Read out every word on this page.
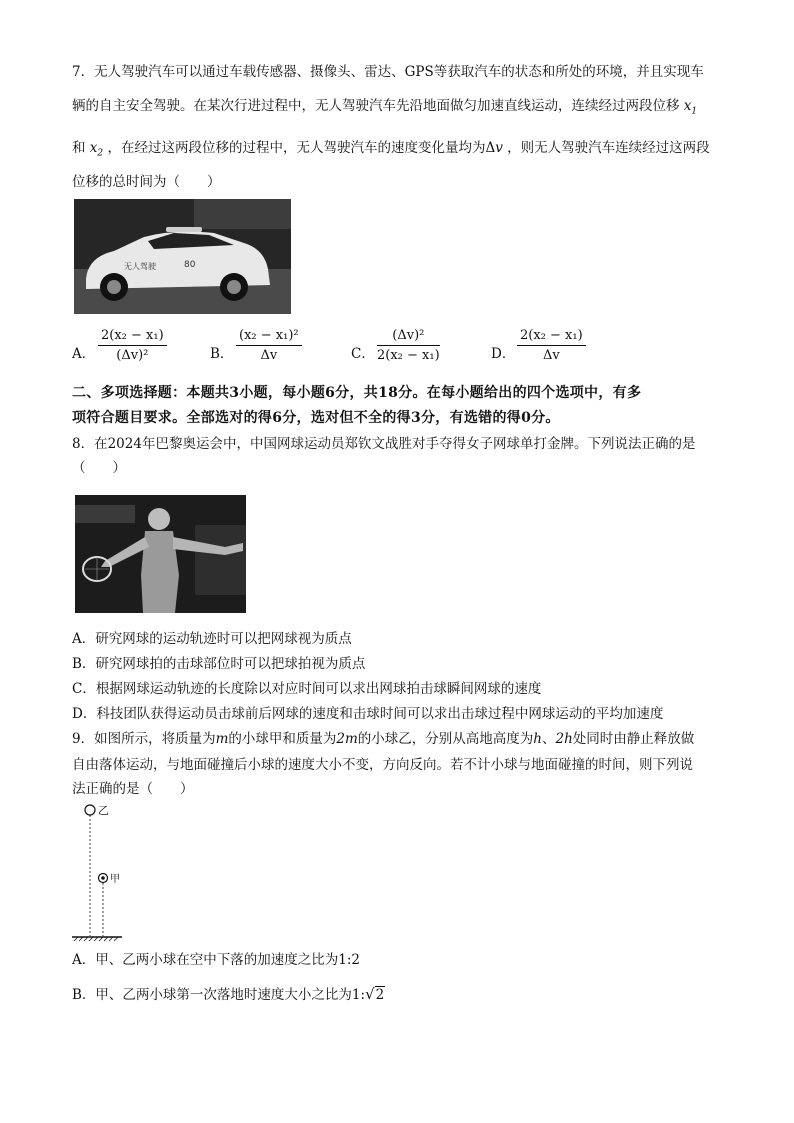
7．无人驾驶汽车可以通过车载传感器、摄像头、雷达、GPS等获取汽车的状态和所处的环境，并且实现车
辆的自主安全驾驶。在某次行进过程中，无人驾驶汽车先沿地面做匀加速直线运动，连续经过两段位移 $x_1$
和 $x_2$ ，在经过这两段位移的过程中，无人驾驶汽车的速度变化量均为Δv ，则无人驾驶汽车连续经过这两段
位移的总时间为（　　）
无人驾驶	80
A． $\frac{\text{2(x₂ − x₁)}}{\text{(Δv)²}}$	B． $\frac{\text{(x₂ − x₁)²}}{\Delta v}$	C． $\frac{\text{(Δv)²}}{\text{2(x₂ − x₁)}}$	D． $\frac{\text{2(x₂ − x₁)}}{\Delta v}$
二、多项选择题：本题共3小题，每小题6分，共18分。在每小题给出的四个选项中，有多
项符合题目要求。全部选对的得6分，选对但不全的得3分，有选错的得0分。
8．在2024年巴黎奥运会中，中国网球运动员郑钦文战胜对手夺得女子网球单打金牌。下列说法正确的是
（　　）
A．研究网球的运动轨迹时可以把网球视为质点
B．研究网球拍的击球部位时可以把球拍视为质点
C．根据网球运动轨迹的长度除以对应时间可以求出网球拍击球瞬间网球的速度
D．科技团队获得运动员击球前后网球的速度和击球时间可以求出击球过程中网球运动的平均加速度
9．如图所示，将质量为m的小球甲和质量为2m的小球乙，分别从高地高度为h、2h处同时由静止释放做
自由落体运动，与地面碰撞后小球的速度大小不变，方向反向。若不计小球与地面碰撞的时间，则下列说
法正确的是（　　）
乙
甲
A．甲、乙两小球在空中下落的加速度之比为1:2
B．甲、乙两小球第一次落地时速度大小之比为1:√2
